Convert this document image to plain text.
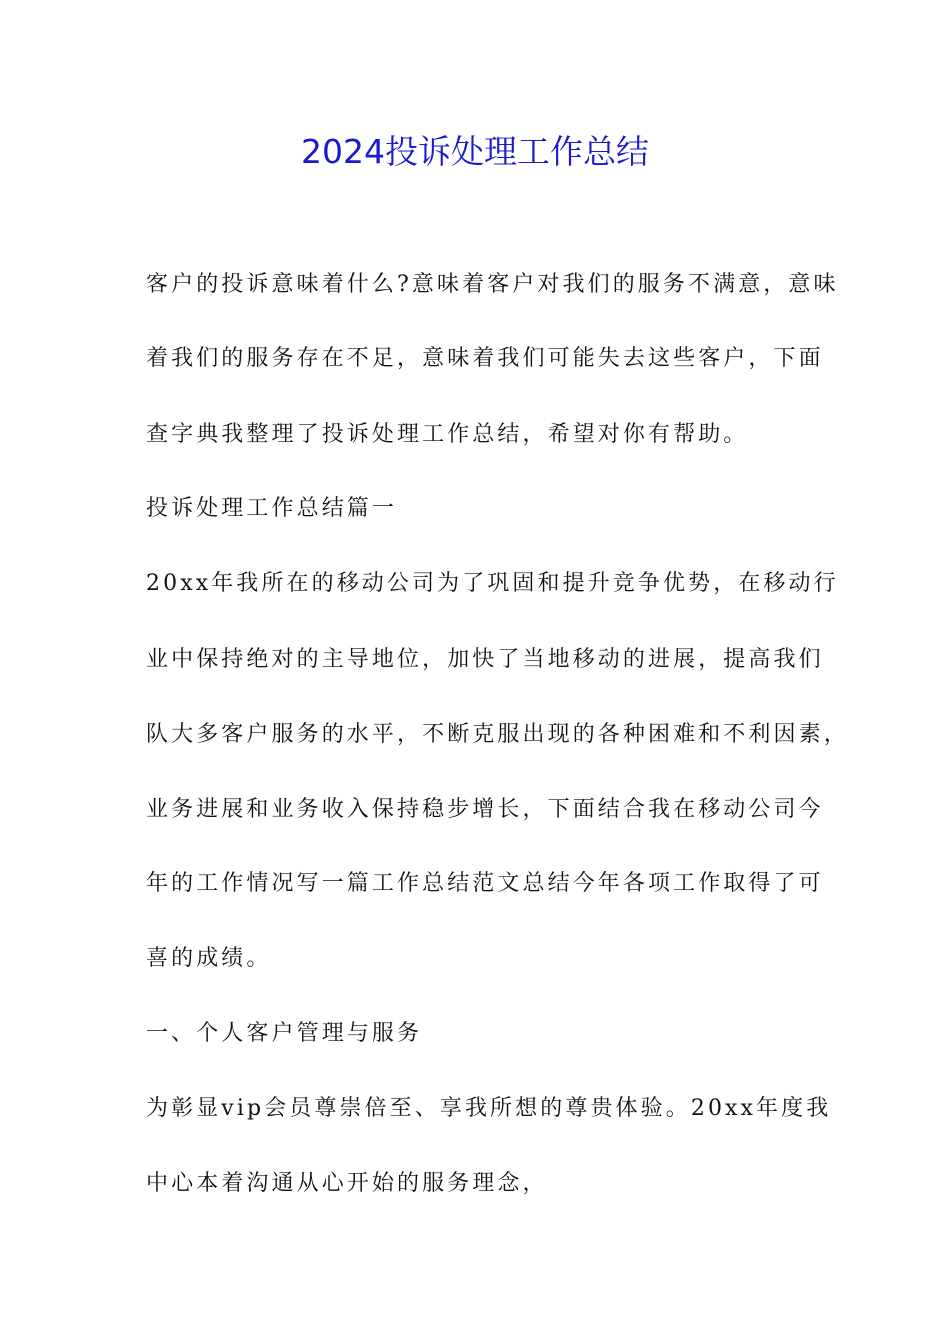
2024投诉处理工作总结

客户的投诉意味着什么?意味着客户对我们的服务不满意，意味

着我们的服务存在不足，意味着我们可能失去这些客户，下面

查字典我整理了投诉处理工作总结，希望对你有帮助。

投诉处理工作总结篇一

20xx年我所在的移动公司为了巩固和提升竞争优势，在移动行

业中保持绝对的主导地位，加快了当地移动的进展，提高我们

队大多客户服务的水平，不断克服出现的各种困难和不利因素，

业务进展和业务收入保持稳步增长，下面结合我在移动公司今

年的工作情况写一篇工作总结范文总结今年各项工作取得了可

喜的成绩。

一、个人客户管理与服务

为彰显vip会员尊崇倍至、享我所想的尊贵体验。20xx年度我

中心本着沟通从心开始的服务理念，
